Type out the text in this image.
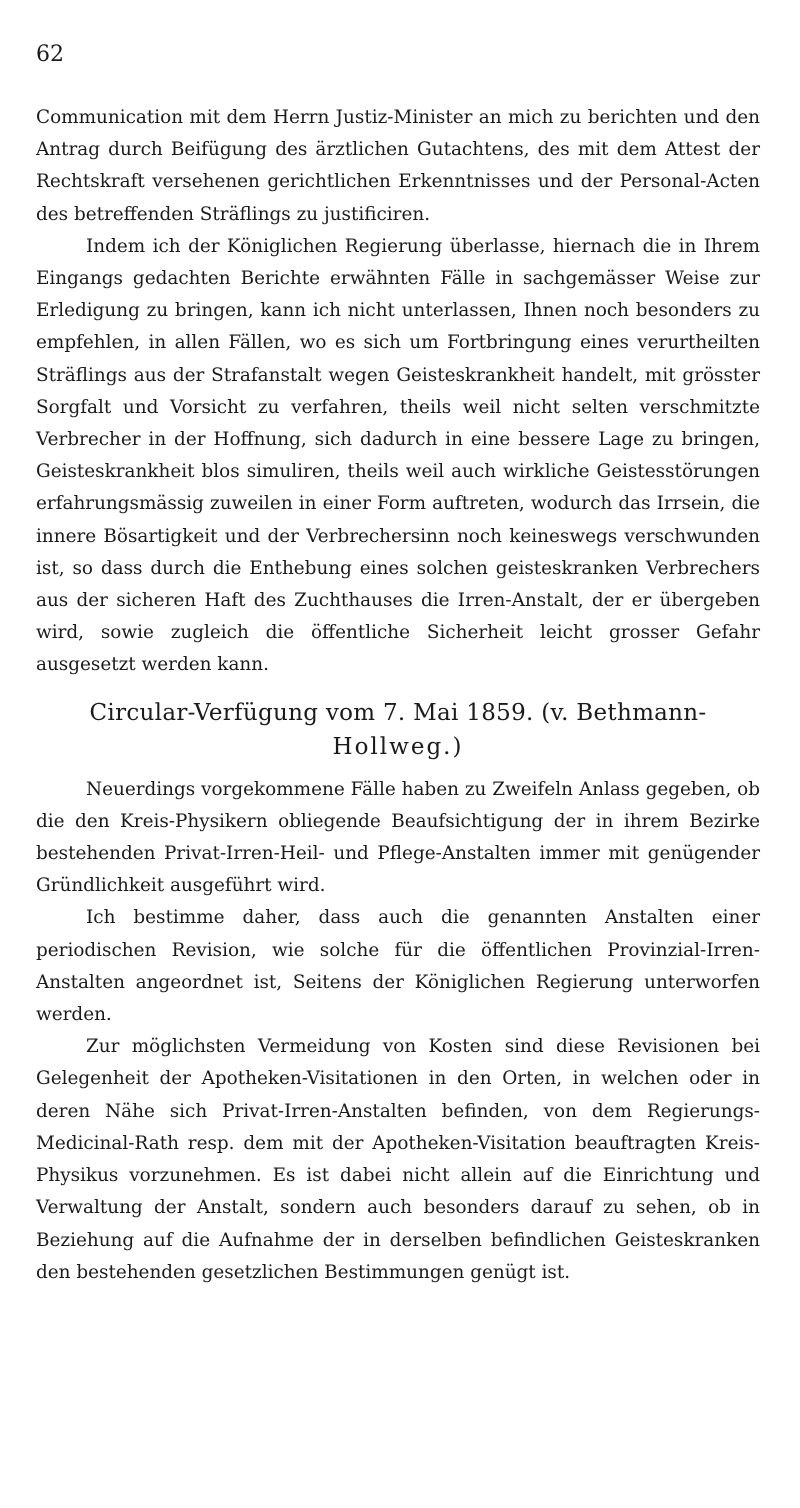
62

Communication mit dem Herrn Justiz-Minister an mich zu berichten und den Antrag durch Beifügung des ärztlichen Gutachtens, des mit dem Attest der Rechtskraft versehenen gerichtlichen Erkenntnisses und der Personal-Acten des betreffenden Sträflings zu justificiren.

Indem ich der Königlichen Regierung überlasse, hiernach die in Ihrem Eingangs gedachten Berichte erwähnten Fälle in sachgemässer Weise zur Erledigung zu bringen, kann ich nicht unterlassen, Ihnen noch besonders zu empfehlen, in allen Fällen, wo es sich um Fortbringung eines verurtheilten Sträflings aus der Strafanstalt wegen Geisteskrankheit handelt, mit grösster Sorgfalt und Vorsicht zu verfahren, theils weil nicht selten verschmitzte Verbrecher in der Hoffnung, sich dadurch in eine bessere Lage zu bringen, Geisteskrankheit blos simuliren, theils weil auch wirkliche Geistesstörungen erfahrungsmässig zuweilen in einer Form auftreten, wodurch das Irrsein, die innere Bösartigkeit und der Verbrechersinn noch keineswegs verschwunden ist, so dass durch die Enthebung eines solchen geisteskranken Verbrechers aus der sicheren Haft des Zuchthauses die Irren-Anstalt, der er übergeben wird, sowie zugleich die öffentliche Sicherheit leicht grosser Gefahr ausgesetzt werden kann.

Circular-Verfügung vom 7. Mai 1859. (v. Bethmann-
Hollweg.)

Neuerdings vorgekommene Fälle haben zu Zweifeln Anlass gegeben, ob die den Kreis-Physikern obliegende Beaufsichtigung der in ihrem Bezirke bestehenden Privat-Irren-Heil- und Pflege-Anstalten immer mit genügender Gründlichkeit ausgeführt wird.

Ich bestimme daher, dass auch die genannten Anstalten einer periodischen Revision, wie solche für die öffentlichen Provinzial-Irren-Anstalten angeordnet ist, Seitens der Königlichen Regierung unterworfen werden.

Zur möglichsten Vermeidung von Kosten sind diese Revisionen bei Gelegenheit der Apotheken-Visitationen in den Orten, in welchen oder in deren Nähe sich Privat-Irren-Anstalten befinden, von dem Regierungs-Medicinal-Rath resp. dem mit der Apotheken-Visitation beauftragten Kreis-Physikus vorzunehmen. Es ist dabei nicht allein auf die Einrichtung und Verwaltung der Anstalt, sondern auch besonders darauf zu sehen, ob in Beziehung auf die Aufnahme der in derselben befindlichen Geisteskranken den bestehenden gesetzlichen Bestimmungen genügt ist.
